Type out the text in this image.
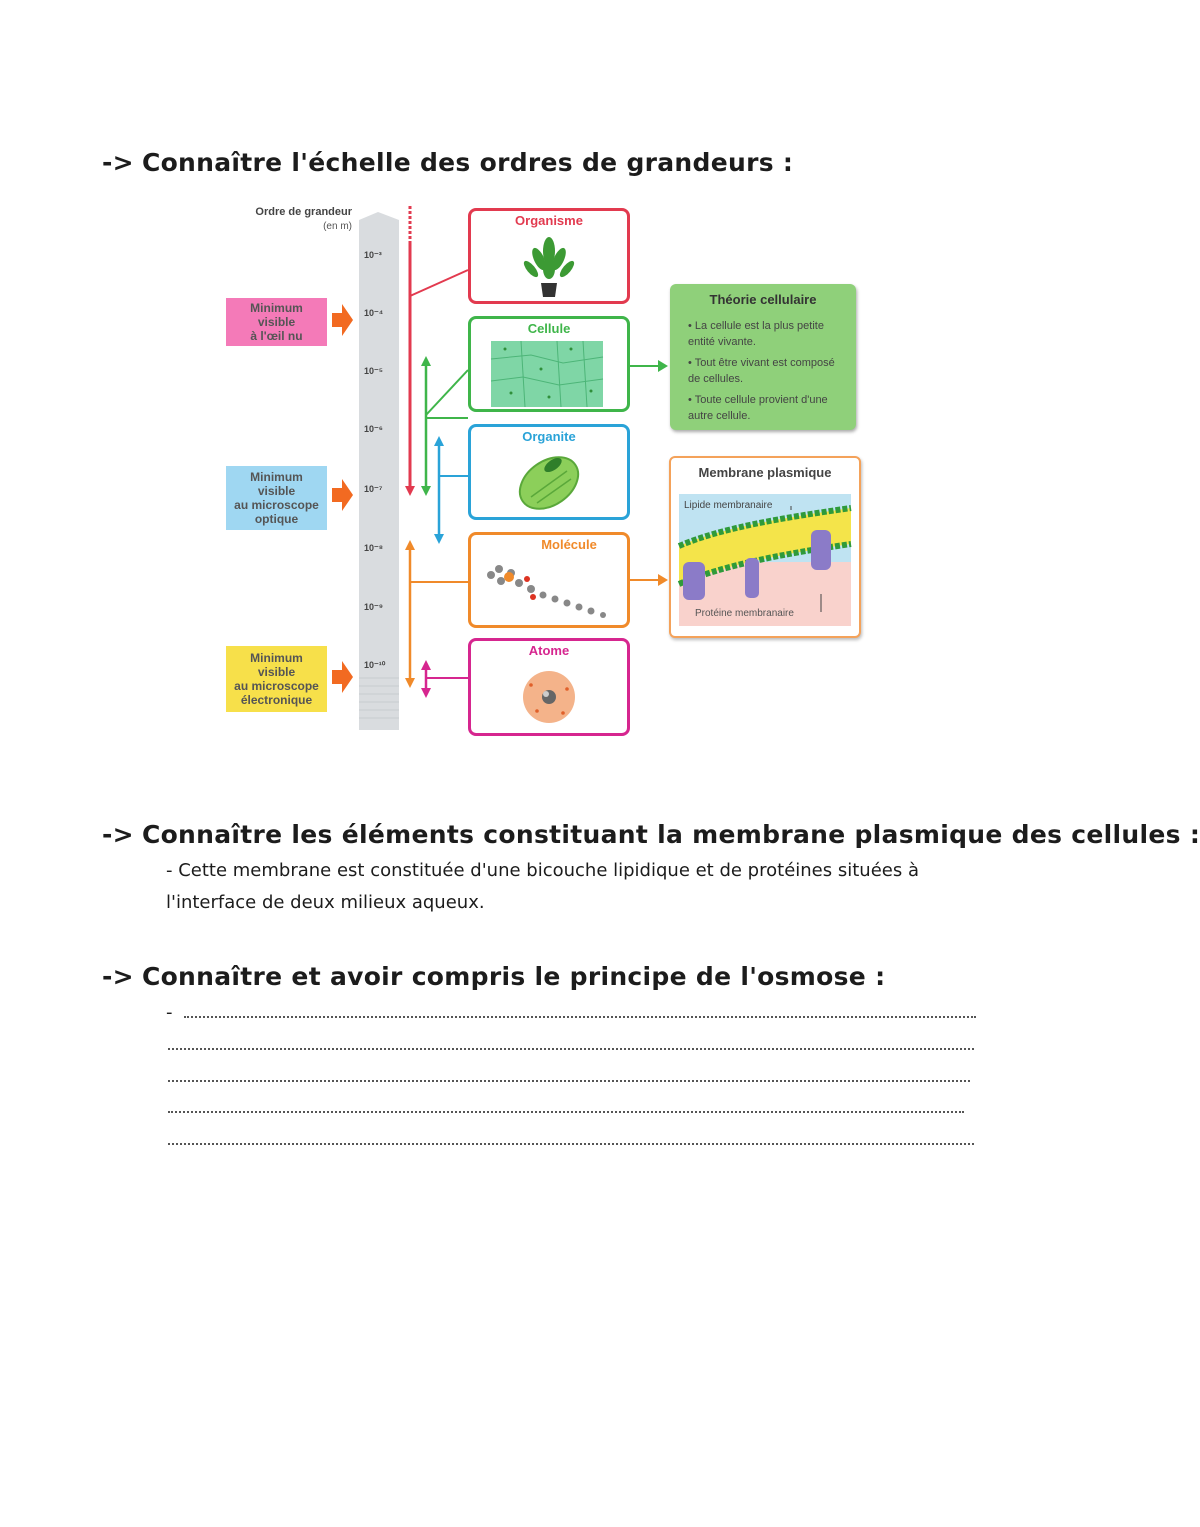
-> Connaître l'échelle des ordres de grandeurs :
Ordre de grandeur
(en m)
10⁻³
10⁻⁴
10⁻⁵
10⁻⁶
10⁻⁷
10⁻⁸
10⁻⁹
10⁻¹⁰
Minimum
visible
à l'œil nu
Minimum
visible
au microscope
optique
Minimum
visible
au microscope
électronique
Organisme
Cellule
Organite
Molécule
Atome
Théorie cellulaire
• La cellule est la plus petite entité vivante.
• Tout être vivant est composé de cellules.
• Toute cellule provient d'une autre cellule.
Membrane plasmique
Lipide membranaire
Protéine membranaire
-> Connaître les éléments constituant la membrane plasmique des cellules :
- Cette membrane est constituée d'une bicouche lipidique et de protéines situées à
l'interface de deux milieux aqueux.
-> Connaître et avoir compris le principe de l'osmose :
-
